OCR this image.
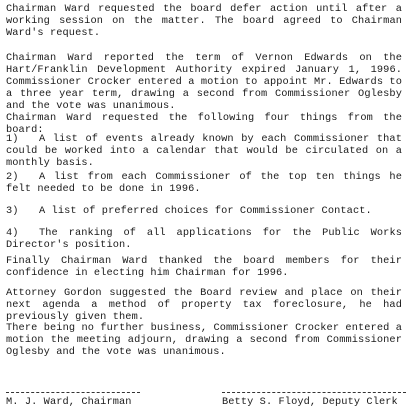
Chairman Ward requested the board defer action until after a working session on the matter. The board agreed to Chairman Ward's request.

Chairman Ward reported the term of Vernon Edwards on the Hart/Franklin Development Authority expired January 1, 1996. Commissioner Crocker entered a motion to appoint Mr. Edwards to a three year term, drawing a second from Commissioner Oglesby and the vote was unanimous.

Chairman Ward requested the following four things from the board:

1) A list of events already known by each Commissioner that could be worked into a calendar that would be circulated on a monthly basis.
2) A list from each Commissioner of the top ten things he felt needed to be done in 1996.
3) A list of preferred choices for Commissioner Contact.
4) The ranking of all applications for the Public Works Director's position.

Finally Chairman Ward thanked the board members for their confidence in electing him Chairman for 1996.

Attorney Gordon suggested the Board review and place on their next agenda a method of property tax foreclosure, he had previously given them.

There being no further business, Commissioner Crocker entered a motion the meeting adjourn, drawing a second from Commissioner Oglesby and the vote was unanimous.

M. J. Ward, Chairman	Betty S. Floyd, Deputy Clerk
